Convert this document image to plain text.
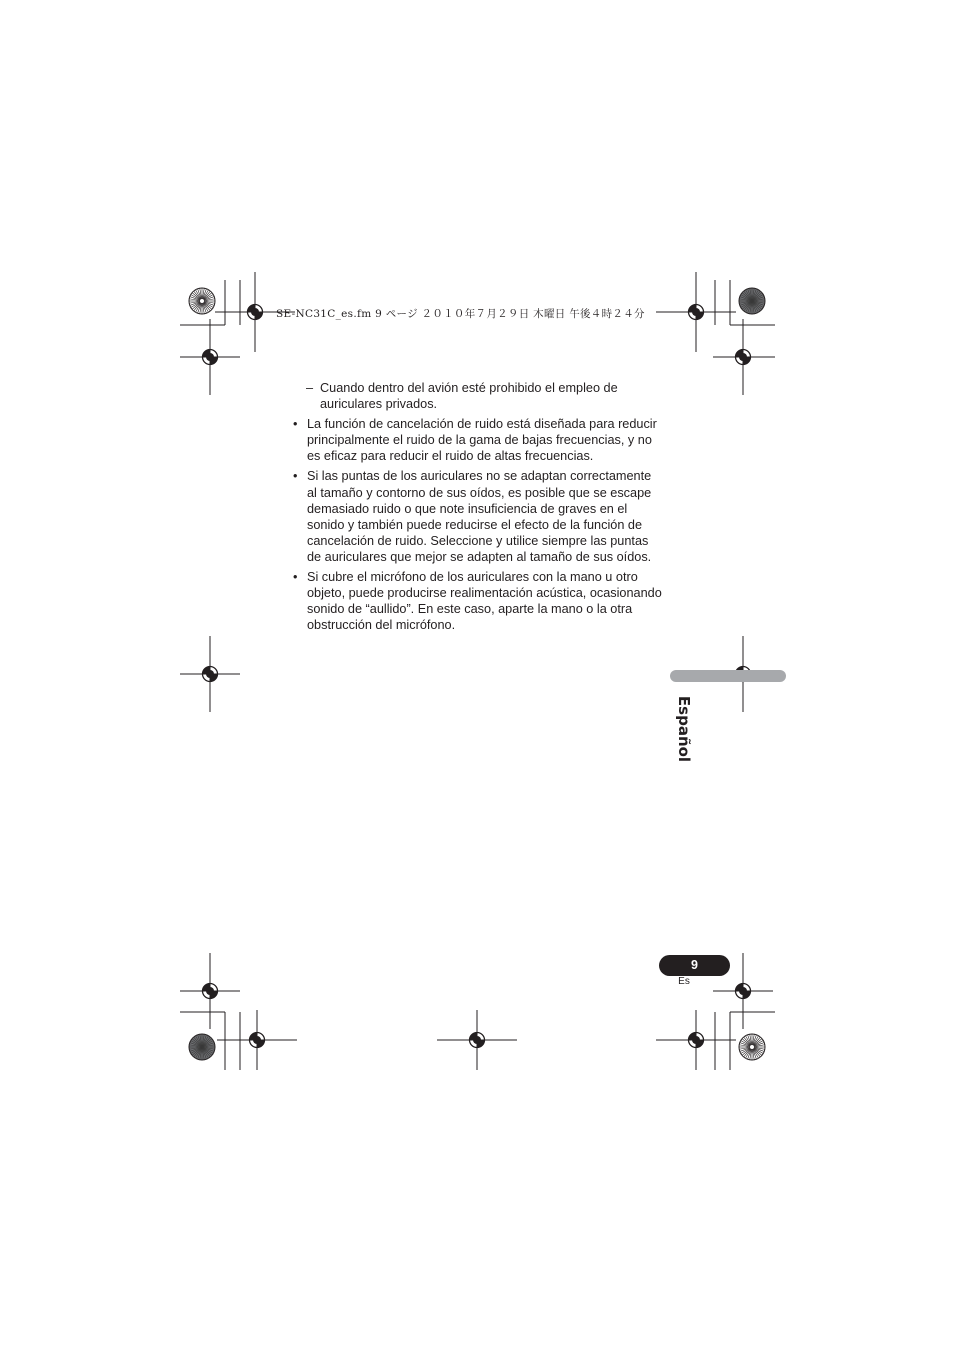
SE-NC31C_es.fm 9 ページ ２０１０年７月２９日 木曜日 午後４時２４分
– Cuando dentro del avión esté prohibido el empleo de auriculares privados.
• La función de cancelación de ruido está diseñada para reducir principalmente el ruido de la gama de bajas frecuencias, y no es eficaz para reducir el ruido de altas frecuencias.
• Si las puntas de los auriculares no se adaptan correctamente al tamaño y contorno de sus oídos, es posible que se escape demasiado ruido o que note insuficiencia de graves en el sonido y también puede reducirse el efecto de la función de cancelación de ruido. Seleccione y utilice siempre las puntas de auriculares que mejor se adapten al tamaño de sus oídos.
• Si cubre el micrófono de los auriculares con la mano u otro objeto, puede producirse realimentación acústica, ocasionando sonido de “aullido”. En este caso, aparte la mano o la otra obstrucción del micrófono.
Español
9
Es
